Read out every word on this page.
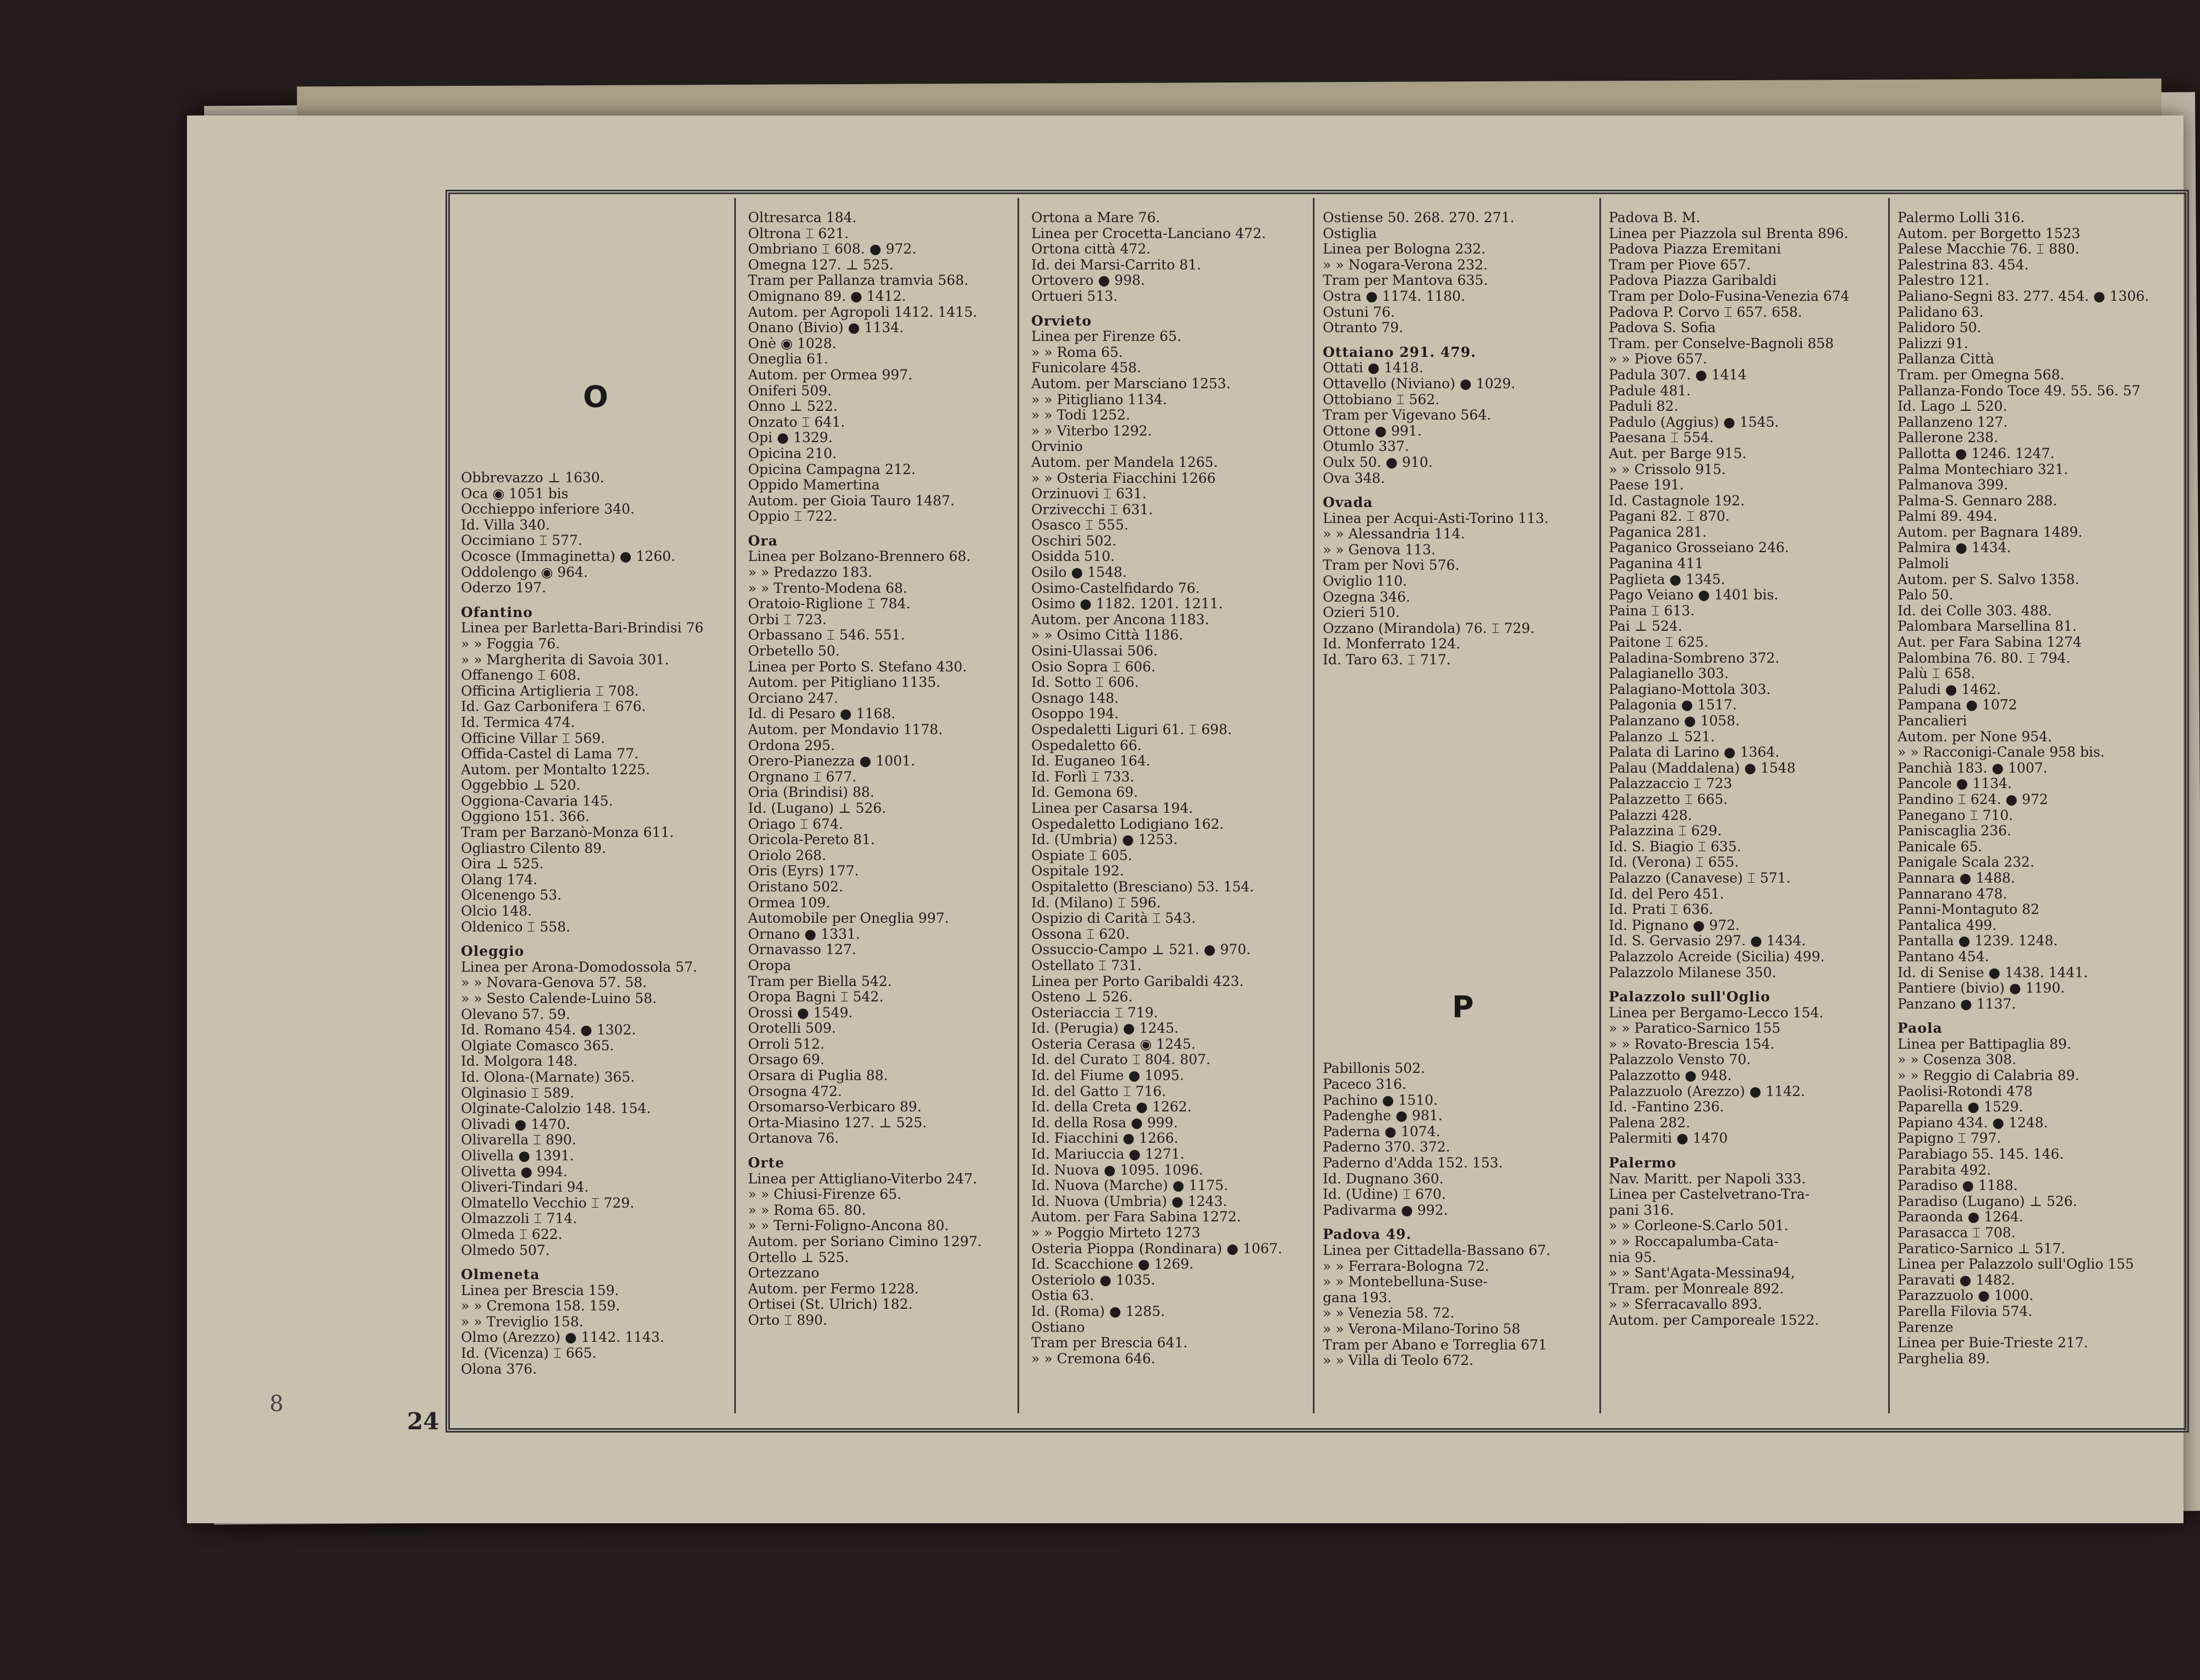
O
P
24
8
Obbrevazzo ⊥ 1630.
Oca ◉ 1051 bis
Occhieppo inferiore 340.
Id. Villa 340.
Occimiano ⌶ 577.
Ocosce (Immaginetta) ● 1260.
Oddolengo ◉ 964.
Oderzo 197.
Ofantino
Linea per Barletta-Bari-Brindisi 76
» » Foggia 76.
» » Margherita di Savoia 301.
Offanengo ⌶ 608.
Officina Artiglieria ⌶ 708.
Id. Gaz Carbonifera ⌶ 676.
Id. Termica 474.
Officine Villar ⌶ 569.
Offida-Castel di Lama 77.
Autom. per Montalto 1225.
Oggebbio ⊥ 520.
Oggiona-Cavaria 145.
Oggiono 151. 366.
Tram per Barzanò-Monza 611.
Ogliastro Cilento 89.
Oira ⊥ 525.
Olang 174.
Olcenengo 53.
Olcio 148.
Oldenico ⌶ 558.
Oleggio
Linea per Arona-Domodossola 57.
» » Novara-Genova 57. 58.
» » Sesto Calende-Luino 58.
Olevano 57. 59.
Id. Romano 454. ● 1302.
Olgiate Comasco 365.
Id. Molgora 148.
Id. Olona-(Marnate) 365.
Olginasio ⌶ 589.
Olginate-Calolzio 148. 154.
Olivadi ● 1470.
Olivarella ⌶ 890.
Olivella ● 1391.
Olivetta ● 994.
Oliveri-Tindari 94.
Olmatello Vecchio ⌶ 729.
Olmazzoli ⌶ 714.
Olmeda ⌶ 622.
Olmedo 507.
Olmeneta
Linea per Brescia 159.
» » Cremona 158. 159.
» » Treviglio 158.
Olmo (Arezzo) ● 1142. 1143.
Id. (Vicenza) ⌶ 665.
Olona 376.
Oltresarca 184.
Oltrona ⌶ 621.
Ombriano ⌶ 608. ● 972.
Omegna 127. ⊥ 525.
Tram per Pallanza tramvia 568.
Omignano 89. ● 1412.
Autom. per Agropoli 1412. 1415.
Onano (Bivio) ● 1134.
Onè ◉ 1028.
Oneglia 61.
Autom. per Ormea 997.
Oniferi 509.
Onno ⊥ 522.
Onzato ⌶ 641.
Opi ● 1329.
Opicina 210.
Opicina Campagna 212.
Oppido Mamertina
Autom. per Gioia Tauro 1487.
Oppio ⌶ 722.
Ora
Linea per Bolzano-Brennero 68.
» » Predazzo 183.
» » Trento-Modena 68.
Oratoio-Riglione ⌶ 784.
Orbi ⌶ 723.
Orbassano ⌶ 546. 551.
Orbetello 50.
Linea per Porto S. Stefano 430.
Autom. per Pitigliano 1135.
Orciano 247.
Id. di Pesaro ● 1168.
Autom. per Mondavio 1178.
Ordona 295.
Orero-Pianezza ● 1001.
Orgnano ⌶ 677.
Oria (Brindisi) 88.
Id. (Lugano) ⊥ 526.
Oriago ⌶ 674.
Oricola-Pereto 81.
Oriolo 268.
Oris (Eyrs) 177.
Oristano 502.
Ormea 109.
Automobile per Oneglia 997.
Ornano ● 1331.
Ornavasso 127.
Oropa
Tram per Biella 542.
Oropa Bagni ⌶ 542.
Orossi ● 1549.
Orotelli 509.
Orroli 512.
Orsago 69.
Orsara di Puglia 88.
Orsogna 472.
Orsomarso-Verbicaro 89.
Orta-Miasino 127. ⊥ 525.
Ortanova 76.
Orte
Linea per Attigliano-Viterbo 247.
» » Chiusi-Firenze 65.
» » Roma 65. 80.
» » Terni-Foligno-Ancona 80.
Autom. per Soriano Cimino 1297.
Ortello ⊥ 525.
Ortezzano
Autom. per Fermo 1228.
Ortisei (St. Ulrich) 182.
Orto ⌶ 890.
Ortona a Mare 76.
Linea per Crocetta-Lanciano 472.
Ortona città 472.
Id. dei Marsi-Carrito 81.
Ortovero ● 998.
Ortueri 513.
Orvieto
Linea per Firenze 65.
» » Roma 65.
Funicolare 458.
Autom. per Marsciano 1253.
» » Pitigliano 1134.
» » Todi 1252.
» » Viterbo 1292.
Orvinio
Autom. per Mandela 1265.
» » Osteria Fiacchini 1266
Orzinuovi ⌶ 631.
Orzivecchi ⌶ 631.
Osasco ⌶ 555.
Oschiri 502.
Osidda 510.
Osilo ● 1548.
Osimo-Castelfidardo 76.
Osimo ● 1182. 1201. 1211.
Autom. per Ancona 1183.
» » Osimo Città 1186.
Osini-Ulassai 506.
Osio Sopra ⌶ 606.
Id. Sotto ⌶ 606.
Osnago 148.
Osoppo 194.
Ospedaletti Liguri 61. ⌶ 698.
Ospedaletto 66.
Id. Euganeo 164.
Id. Forlì ⌶ 733.
Id. Gemona 69.
Linea per Casarsa 194.
Ospedaletto Lodigiano 162.
Id. (Umbria) ● 1253.
Ospiate ⌶ 605.
Ospitale 192.
Ospitaletto (Bresciano) 53. 154.
Id. (Milano) ⌶ 596.
Ospizio di Carità ⌶ 543.
Ossona ⌶ 620.
Ossuccio-Campo ⊥ 521. ● 970.
Ostellato ⌶ 731.
Linea per Porto Garibaldi 423.
Osteno ⊥ 526.
Osteriaccia ⌶ 719.
Id. (Perugia) ● 1245.
Osteria Cerasa ◉ 1245.
Id. del Curato ⌶ 804. 807.
Id. del Fiume ● 1095.
Id. del Gatto ⌶ 716.
Id. della Creta ● 1262.
Id. della Rosa ● 999.
Id. Fiacchini ● 1266.
Id. Mariuccia ● 1271.
Id. Nuova ● 1095. 1096.
Id. Nuova (Marche) ● 1175.
Id. Nuova (Umbria) ● 1243.
Autom. per Fara Sabina 1272.
» » Poggio Mirteto 1273
Osteria Pioppa (Rondinara) ● 1067.
Id. Scacchione ● 1269.
Osteriolo ● 1035.
Ostia 63.
Id. (Roma) ● 1285.
Ostiano
Tram per Brescia 641.
» » Cremona 646.
Ostiense 50. 268. 270. 271.
Ostiglia
Linea per Bologna 232.
» » Nogara-Verona 232.
Tram per Mantova 635.
Ostra ● 1174. 1180.
Ostuni 76.
Otranto 79.
Ottaiano 291. 479.
Ottati ● 1418.
Ottavello (Niviano) ● 1029.
Ottobiano ⌶ 562.
Tram per Vigevano 564.
Ottone ● 991.
Otumlo 337.
Oulx 50. ● 910.
Ova 348.
Ovada
Linea per Acqui-Asti-Torino 113.
» » Alessandria 114.
» » Genova 113.
Tram per Novi 576.
Oviglio 110.
Ozegna 346.
Ozieri 510.
Ozzano (Mirandola) 76. ⌶ 729.
Id. Monferrato 124.
Id. Taro 63. ⌶ 717.

Pabillonis 502.
Paceco 316.
Pachino ● 1510.
Padenghe ● 981.
Paderna ● 1074.
Paderno 370. 372.
Paderno d'Adda 152. 153.
Id. Dugnano 360.
Id. (Udine) ⌶ 670.
Padivarma ● 992.
Padova 49.
Linea per Cittadella-Bassano 67.
» » Ferrara-Bologna 72.
» » Montebelluna-Suse-
gana 193.
» » Venezia 58. 72.
» » Verona-Milano-Torino 58
Tram per Abano e Torreglia 671
» » Villa di Teolo 672.
Padova B. M.
Linea per Piazzola sul Brenta 896.
Padova Piazza Eremitani
Tram per Piove 657.
Padova Piazza Garibaldi
Tram per Dolo-Fusina-Venezia 674
Padova P. Corvo ⌶ 657. 658.
Padova S. Sofia
Tram. per Conselve-Bagnoli 858
» » Piove 657.
Padula 307. ● 1414
Padule 481.
Paduli 82.
Padulo (Aggius) ● 1545.
Paesana ⌶ 554.
Aut. per Barge 915.
» » Crissolo 915.
Paese 191.
Id. Castagnole 192.
Pagani 82. ⌶ 870.
Paganica 281.
Paganico Grosseiano 246.
Paganina 411
Paglieta ● 1345.
Pago Veiano ● 1401 bis.
Paina ⌶ 613.
Pai ⊥ 524.
Paitone ⌶ 625.
Paladina-Sombreno 372.
Palagianello 303.
Palagiano-Mottola 303.
Palagonia ● 1517.
Palanzano ● 1058.
Palanzo ⊥ 521.
Palata di Larino ● 1364.
Palau (Maddalena) ● 1548
Palazzaccio ⌶ 723
Palazzetto ⌶ 665.
Palazzi 428.
Palazzina ⌶ 629.
Id. S. Biagio ⌶ 635.
Id. (Verona) ⌶ 655.
Palazzo (Canavese) ⌶ 571.
Id. del Pero 451.
Id. Prati ⌶ 636.
Id. Pignano ● 972.
Id. S. Gervasio 297. ● 1434.
Palazzolo Acreide (Sicilia) 499.
Palazzolo Milanese 350.
Palazzolo sull'Oglio
Linea per Bergamo-Lecco 154.
» » Paratico-Sarnico 155
» » Rovato-Brescia 154.
Palazzolo Vensto 70.
Palazzotto ● 948.
Palazzuolo (Arezzo) ● 1142.
Id. -Fantino 236.
Palena 282.
Palermiti ● 1470
Palermo
Nav. Maritt. per Napoli 333.
Linea per Castelvetrano-Tra-
pani 316.
» » Corleone-S.Carlo 501.
» » Roccapalumba-Cata-
nia 95.
» » Sant'Agata-Messina94,
Tram. per Monreale 892.
» » Sferracavallo 893.
Autom. per Camporeale 1522.
Palermo Lolli 316.
Autom. per Borgetto 1523
Palese Macchie 76. ⌶ 880.
Palestrina 83. 454.
Palestro 121.
Paliano-Segni 83. 277. 454. ● 1306.
Palidano 63.
Palidoro 50.
Palizzi 91.
Pallanza Città
Tram. per Omegna 568.
Pallanza-Fondo Toce 49. 55. 56. 57
Id. Lago ⊥ 520.
Pallanzeno 127.
Pallerone 238.
Pallotta ● 1246. 1247.
Palma Montechiaro 321.
Palmanova 399.
Palma-S. Gennaro 288.
Palmi 89. 494.
Autom. per Bagnara 1489.
Palmira ● 1434.
Palmoli
Autom. per S. Salvo 1358.
Palo 50.
Id. dei Colle 303. 488.
Palombara Marsellina 81.
Aut. per Fara Sabina 1274
Palombina 76. 80. ⌶ 794.
Palù ⌶ 658.
Paludi ● 1462.
Pampana ● 1072
Pancalieri
Autom. per None 954.
» » Racconigi-Canale 958 bis.
Panchià 183. ● 1007.
Pancole ● 1134.
Pandino ⌶ 624. ● 972
Panegano ⌶ 710.
Paniscaglia 236.
Panicale 65.
Panigale Scala 232.
Pannara ● 1488.
Pannarano 478.
Panni-Montaguto 82
Pantalica 499.
Pantalla ● 1239. 1248.
Pantano 454.
Id. di Senise ● 1438. 1441.
Pantiere (bivio) ● 1190.
Panzano ● 1137.
Paola
Linea per Battipaglia 89.
» » Cosenza 308.
» » Reggio di Calabria 89.
Paolisi-Rotondi 478
Paparella ● 1529.
Papiano 434. ● 1248.
Papigno ⌶ 797.
Parabiago 55. 145. 146.
Parabita 492.
Paradiso ● 1188.
Paradiso (Lugano) ⊥ 526.
Paraonda ● 1264.
Parasacca ⌶ 708.
Paratico-Sarnico ⊥ 517.
Linea per Palazzolo sull'Oglio 155
Paravati ● 1482.
Parazzuolo ● 1000.
Parella Filovia 574.
Parenze
Linea per Buie-Trieste 217.
Parghelia 89.
